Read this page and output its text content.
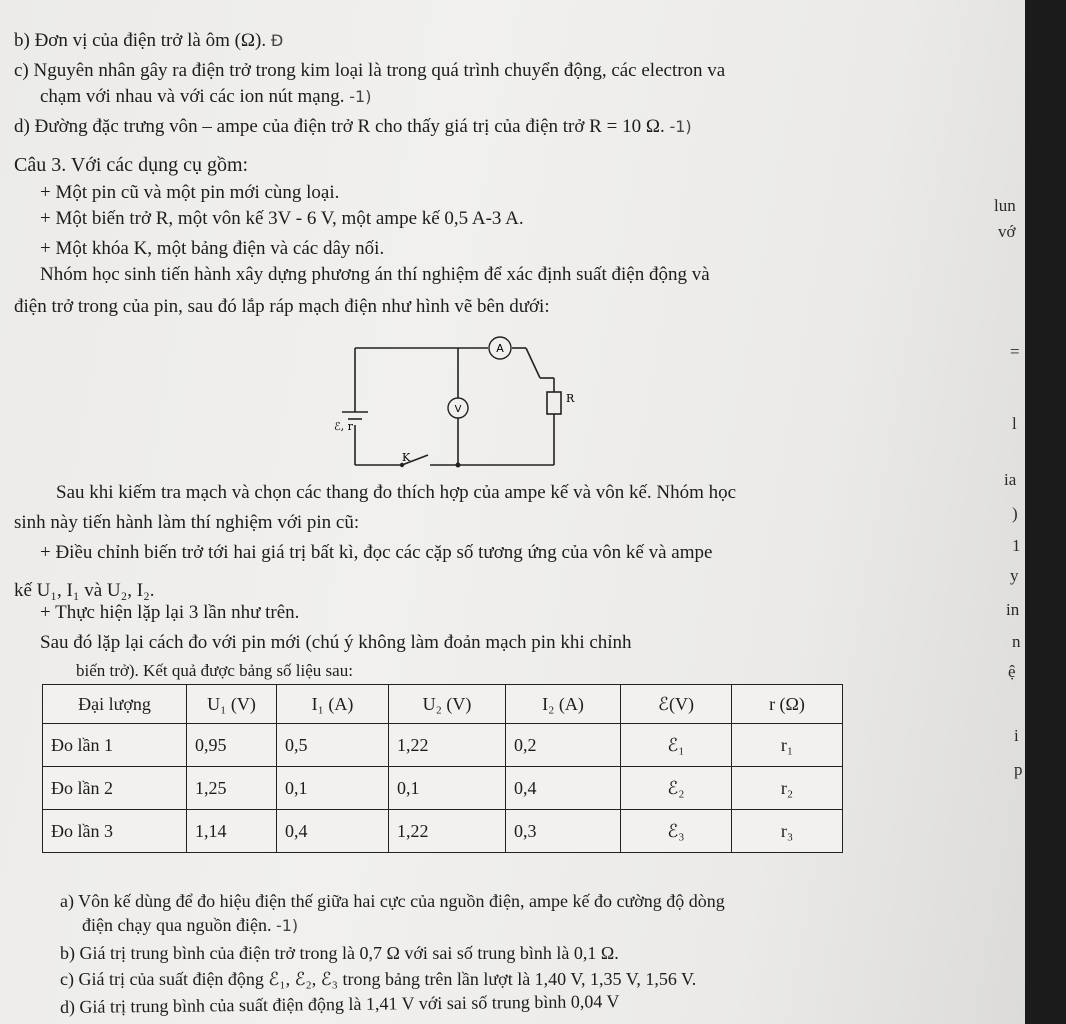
b) Đơn vị của điện trở là ôm (Ω). Đ
c) Nguyên nhân gây ra điện trở trong kim loại là trong quá trình chuyển động, các electron va
chạm với nhau và với các ion nút mạng. -1)
d) Đường đặc trưng vôn – ampe của điện trở R cho thấy giá trị của điện trở R = 10 Ω. -1)
Câu 3. Với các dụng cụ gồm:
+ Một pin cũ và một pin mới cùng loại.
+ Một biến trở R, một vôn kế 3V - 6 V, một ampe kế 0,5 A-3 A.
+ Một khóa K, một bảng điện và các dây nối.
Nhóm học sinh tiến hành xây dựng phương án thí nghiệm để xác định suất điện động và
điện trở trong của pin, sau đó lắp ráp mạch điện như hình vẽ bên dưới:
A
V
R
ℰ, r
K
Sau khi kiếm tra mạch và chọn các thang đo thích hợp của ampe kế và vôn kế. Nhóm học
sinh này tiến hành làm thí nghiệm với pin cũ:
+ Điều chỉnh biến trở tới hai giá trị bất kì, đọc các cặp số tương ứng của vôn kế và ampe
kế U₁, I₁ và U₂, I₂.
+ Thực hiện lặp lại 3 lần như trên.
Sau đó lặp lại cách đo với pin mới (chú ý không làm đoản mạch pin khi chỉnh
biến trở). Kết quả được bảng số liệu sau:
Đại lượng	U₁ (V)	I₁ (A)	U₂ (V)	I₂ (A)	ℰ(V)	r (Ω)
Đo lần 1	0,95	0,5	1,22	0,2	ℰ₁	r₁
Đo lần 2	1,25	0,1	0,1	0,4	ℰ₂	r₂
Đo lần 3	1,14	0,4	1,22	0,3	ℰ₃	r₃
a) Vôn kế dùng để đo hiệu điện thế giữa hai cực của nguồn điện, ampe kế đo cường độ dòng
điện chạy qua nguồn điện. -1)
b) Giá trị trung bình của điện trở trong là 0,7 Ω với sai số trung bình là 0,1 Ω.
c) Giá trị của suất điện động ℰ₁, ℰ₂, ℰ₃ trong bảng trên lần lượt là 1,40 V, 1,35 V, 1,56 V.
d) Giá trị trung bình của suất điện động là 1,41 V với sai số trung bình 0,04 V
lun
vớ
=
l
ia
)
1
y
in
n
ệ
i
p
